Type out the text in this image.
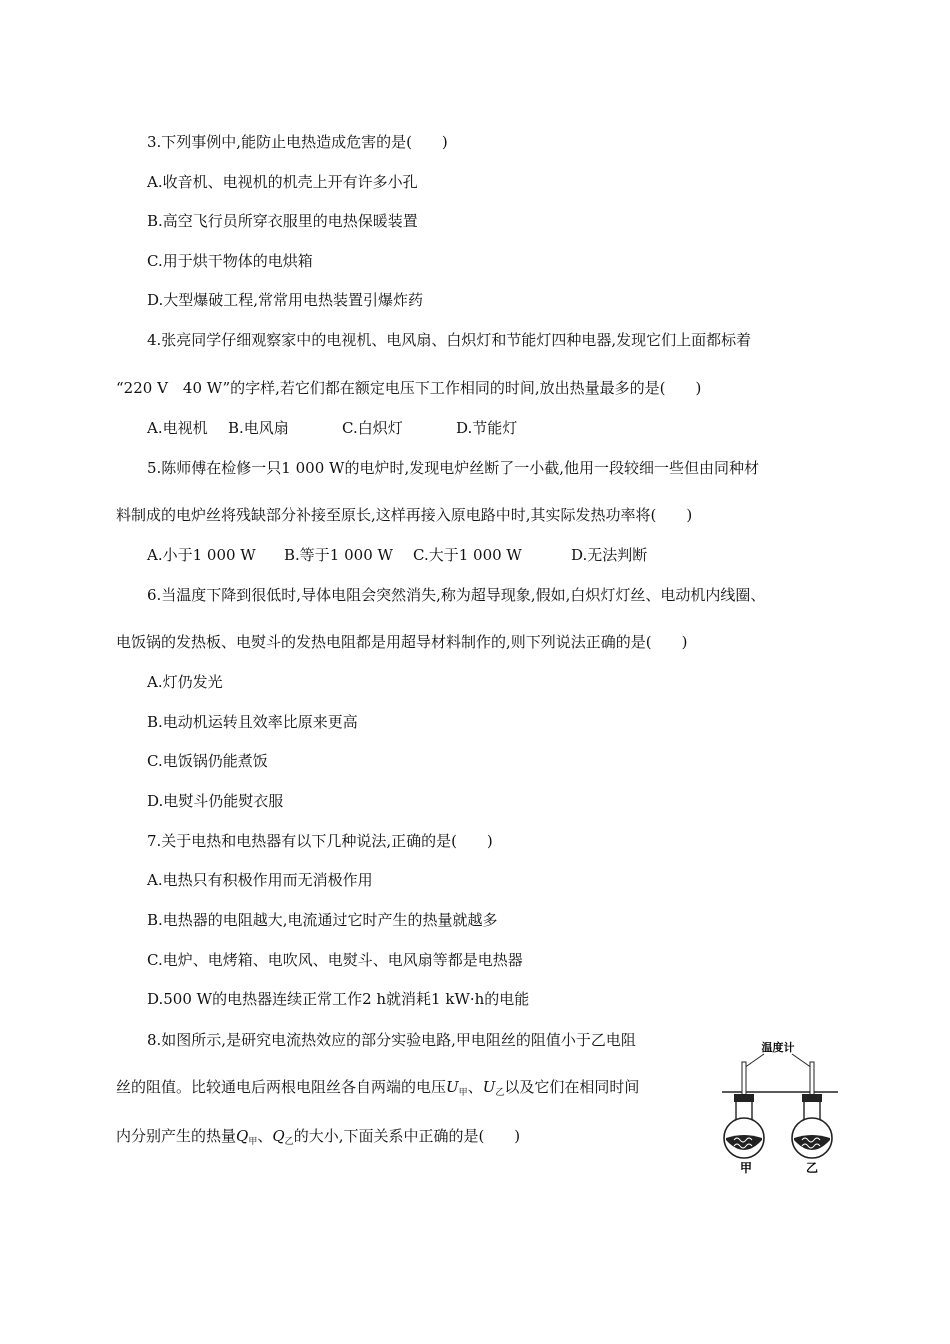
3.下列事例中,能防止电热造成危害的是(　　)
A.收音机、电视机的机壳上开有许多小孔
B.高空飞行员所穿衣服里的电热保暖装置
C.用于烘干物体的电烘箱
D.大型爆破工程,常常用电热装置引爆炸药
4.张亮同学仔细观察家中的电视机、电风扇、白炽灯和节能灯四种电器,发现它们上面都标着
“220 V　40 W”的字样,若它们都在额定电压下工作相同的时间,放出热量最多的是(　　)
A.电视机 B.电风扇	C.白炽灯	D.节能灯
5.陈师傅在检修一只1 000 W的电炉时,发现电炉丝断了一小截,他用一段较细一些但由同种材
料制成的电炉丝将残缺部分补接至原长,这样再接入原电路中时,其实际发热功率将(　　)
A.小于1 000 W B.等于1 000 W C.大于1 000 W	D.无法判断
6.当温度下降到很低时,导体电阻会突然消失,称为超导现象,假如,白炽灯灯丝、电动机内线圈、
电饭锅的发热板、电熨斗的发热电阻都是用超导材料制作的,则下列说法正确的是(　　)
A.灯仍发光
B.电动机运转且效率比原来更高
C.电饭锅仍能煮饭
D.电熨斗仍能熨衣服
7.关于电热和电热器有以下几种说法,正确的是(　　)
A.电热只有积极作用而无消极作用
B.电热器的电阻越大,电流通过它时产生的热量就越多
C.电炉、电烤箱、电吹风、电熨斗、电风扇等都是电热器
D.500 W的电热器连续正常工作2 h就消耗1 kW·h的电能
8.如图所示,是研究电流热效应的部分实验电路,甲电阻丝的阻值小于乙电阻
丝的阻值。比较通电后两根电阻丝各自两端的电压$U_甲$、$U_乙$以及它们在相同时间
内分别产生的热量$Q_甲$、$Q_乙$的大小,下面关系中正确的是(　　)
温度计
甲	乙
